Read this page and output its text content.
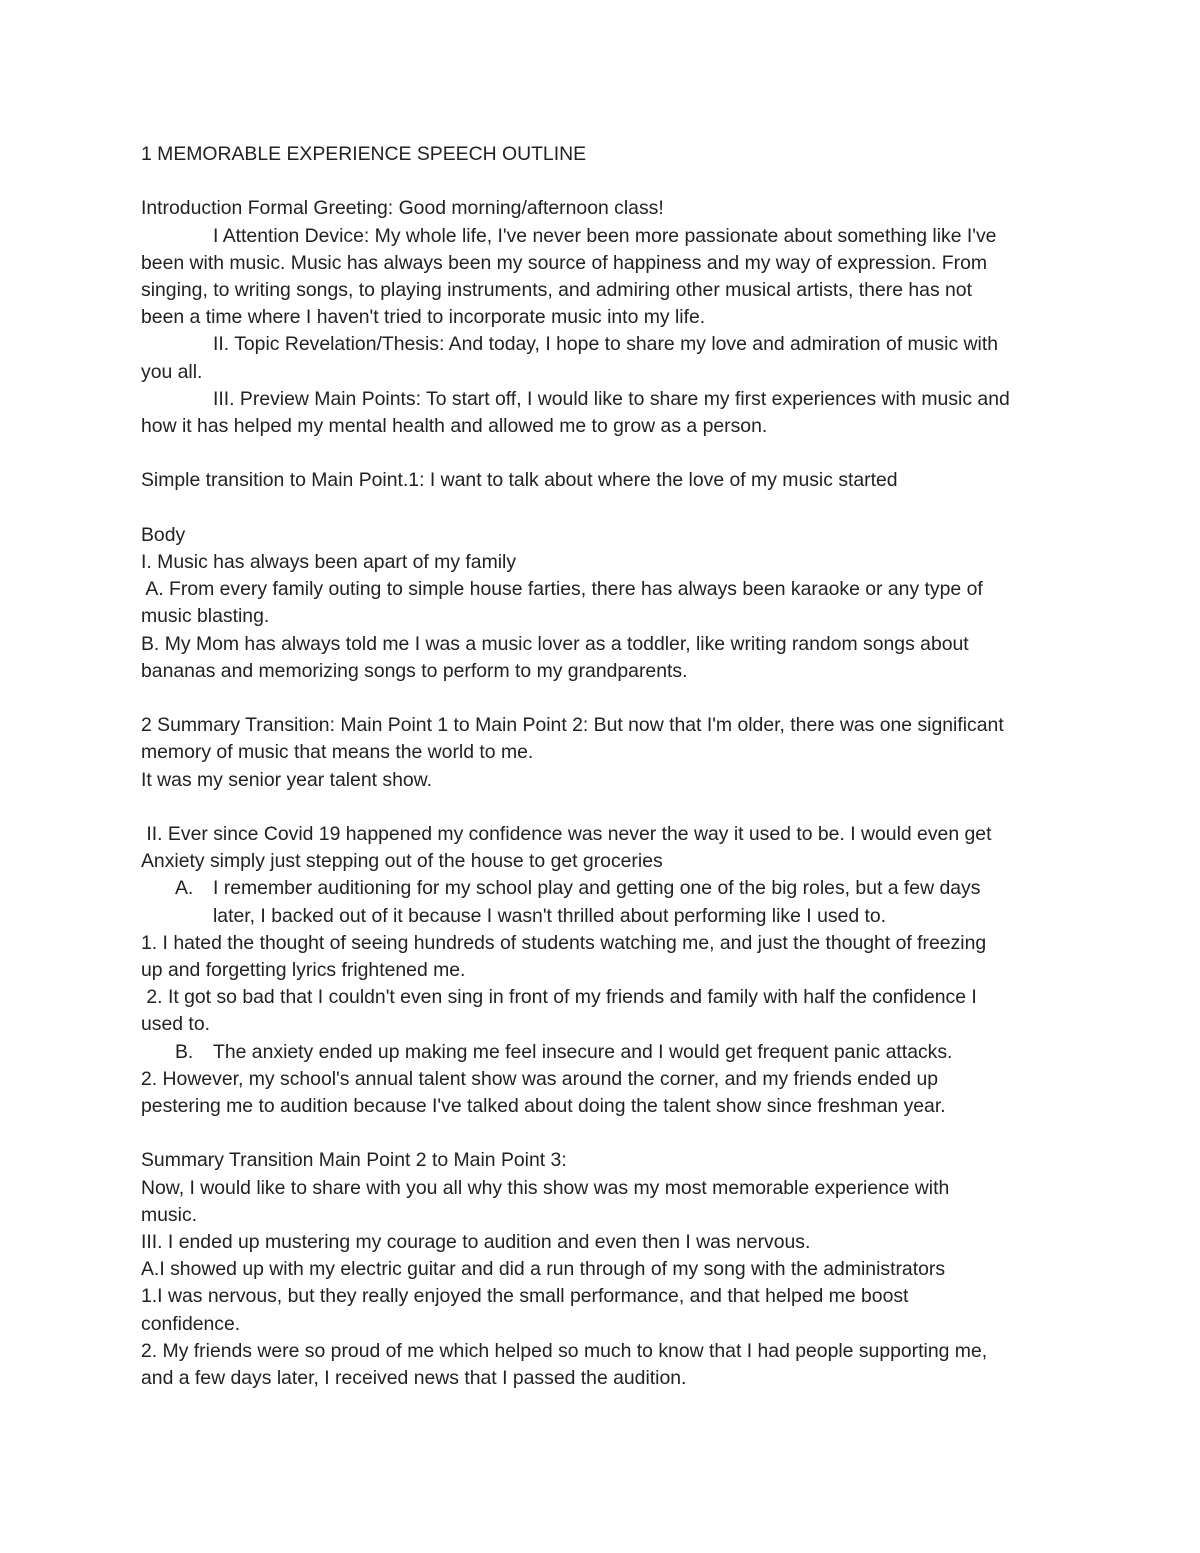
1 MEMORABLE EXPERIENCE SPEECH OUTLINE
Introduction Formal Greeting: Good morning/afternoon class!
I Attention Device: My whole life, I've never been more passionate about something like I've
been with music. Music has always been my source of happiness and my way of expression. From
singing, to writing songs, to playing instruments, and admiring other musical artists, there has not
been a time where I haven't tried to incorporate music into my life.
II. Topic Revelation/Thesis: And today, I hope to share my love and admiration of music with
you all.
III. Preview Main Points: To start off, I would like to share my first experiences with music and
how it has helped my mental health and allowed me to grow as a person.
Simple transition to Main Point.1: I want to talk about where the love of my music started
Body
I. Music has always been apart of my family
A. From every family outing to simple house farties, there has always been karaoke or any type of
music blasting.
B. My Mom has always told me I was a music lover as a toddler, like writing random songs about
bananas and memorizing songs to perform to my grandparents.
2 Summary Transition: Main Point 1 to Main Point 2: But now that I'm older, there was one significant
memory of music that means the world to me.
It was my senior year talent show.
II. Ever since Covid 19 happened my confidence was never the way it used to be. I would even get
Anxiety simply just stepping out of the house to get groceries
A. I remember auditioning for my school play and getting one of the big roles, but a few days
later, I backed out of it because I wasn't thrilled about performing like I used to.
1. I hated the thought of seeing hundreds of students watching me, and just the thought of freezing
up and forgetting lyrics frightened me.
2. It got so bad that I couldn't even sing in front of my friends and family with half the confidence I
used to.
B. The anxiety ended up making me feel insecure and I would get frequent panic attacks.
2. However, my school's annual talent show was around the corner, and my friends ended up
pestering me to audition because I've talked about doing the talent show since freshman year.
Summary Transition Main Point 2 to Main Point 3:
Now, I would like to share with you all why this show was my most memorable experience with
music.
III. I ended up mustering my courage to audition and even then I was nervous.
A.I showed up with my electric guitar and did a run through of my song with the administrators
1.I was nervous, but they really enjoyed the small performance, and that helped me boost
confidence.
2. My friends were so proud of me which helped so much to know that I had people supporting me,
and a few days later, I received news that I passed the audition.
